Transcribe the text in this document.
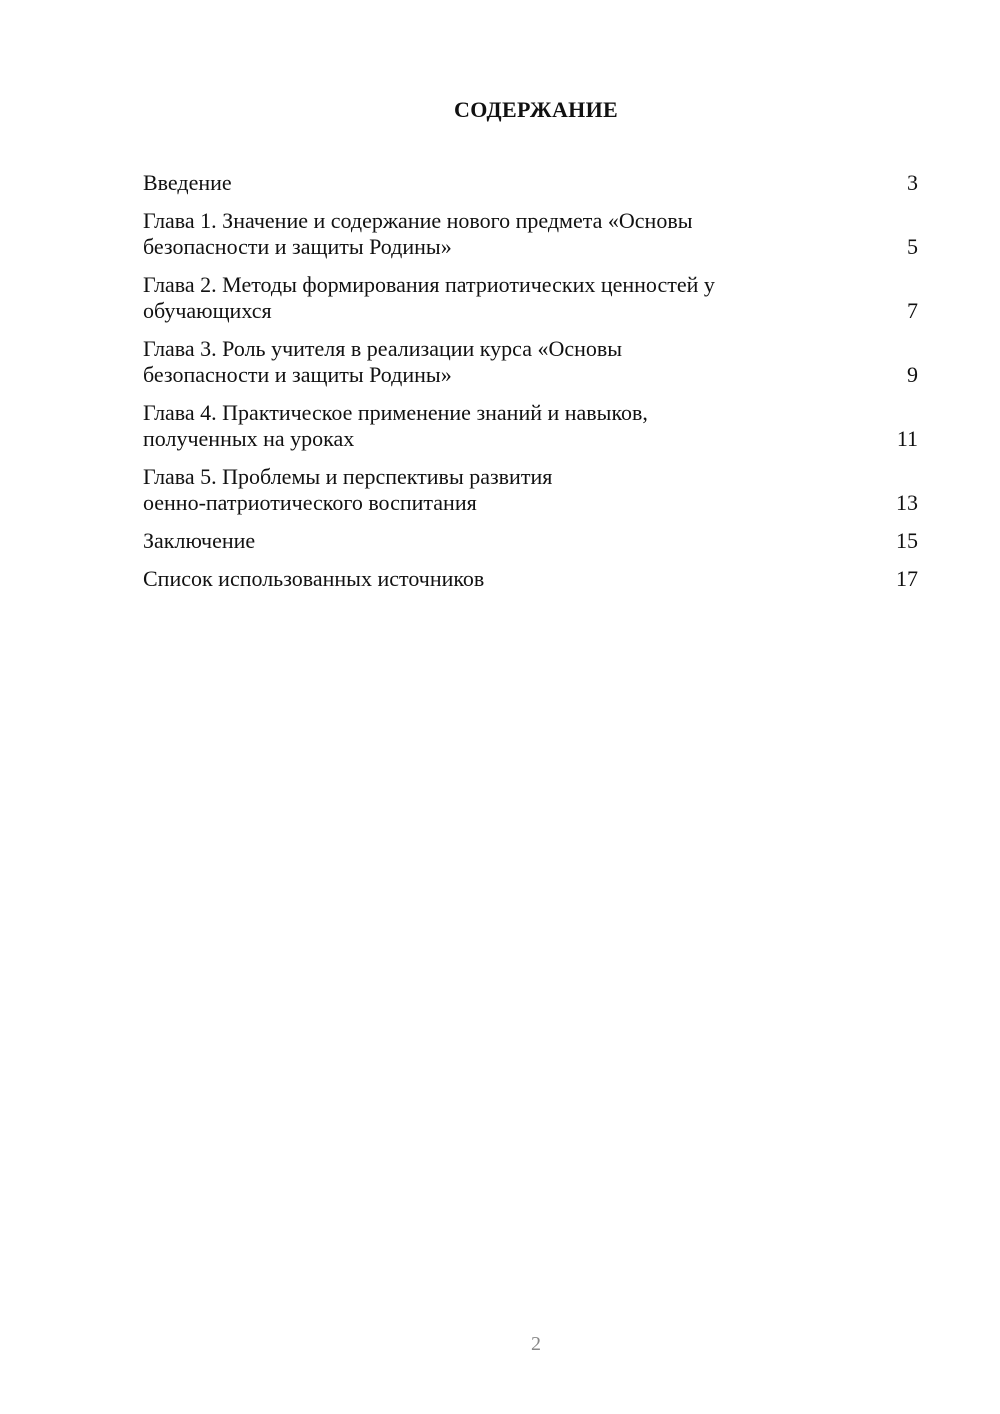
СОДЕРЖАНИЕ
Введение	3
Глава 1. Значение и содержание нового предмета «Основы
безопасности и защиты Родины»	5
Глава 2. Методы формирования патриотических ценностей у
обучающихся	7
Глава 3. Роль учителя в реализации курса «Основы
безопасности и защиты Родины»	9
Глава 4. Практическое применение знаний и навыков,
полученных на уроках	11
Глава 5. Проблемы и перспективы развития
оенно-патриотического воспитания	13
Заключение	15
Список использованных источников	17
2
